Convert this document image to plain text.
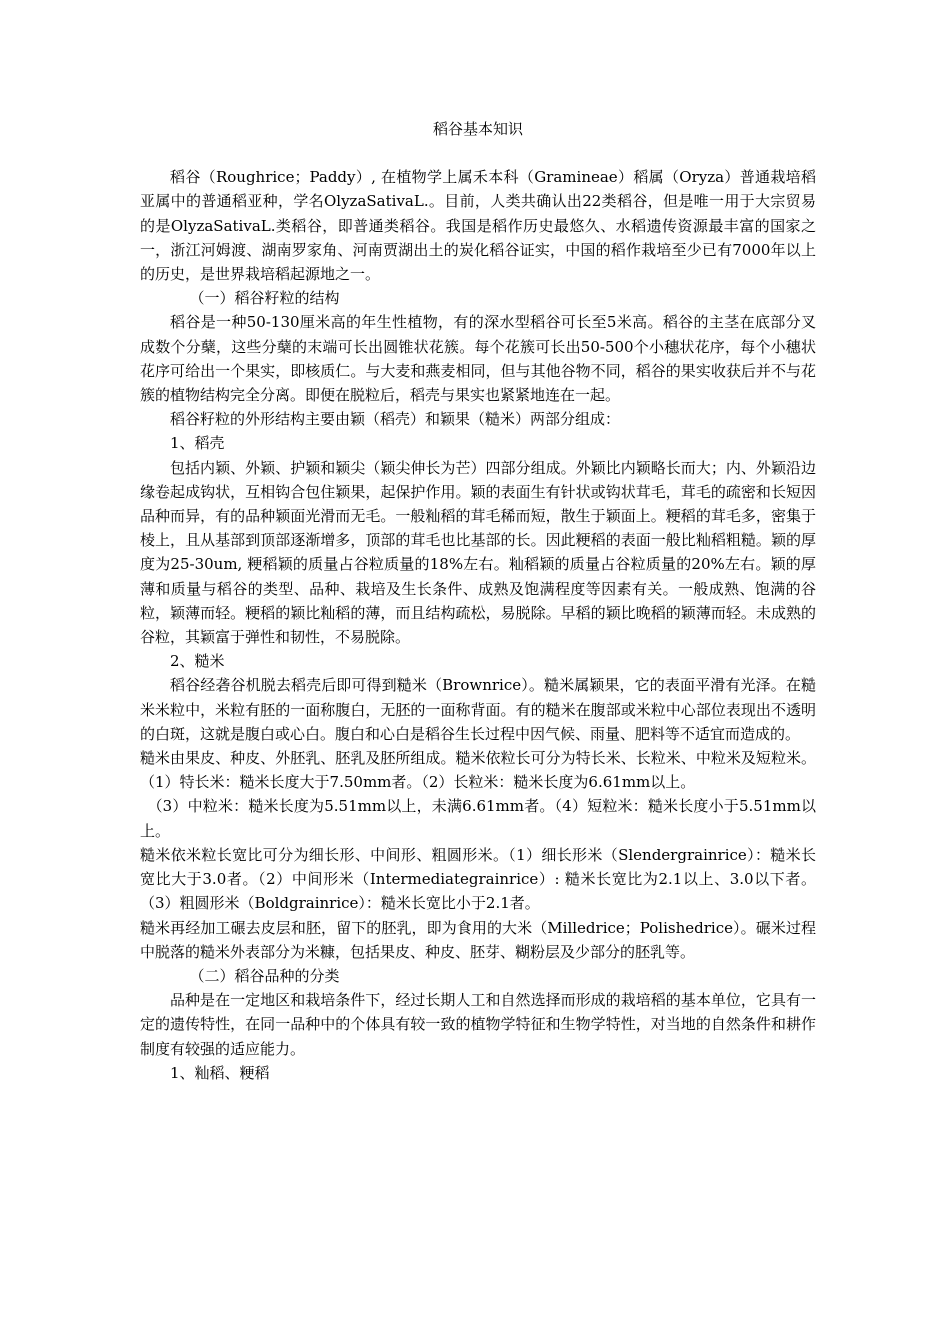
稻谷基本知识

稻谷（Roughrice；Paddy）, 在植物学上属禾本科（Gramineae）稻属（Oryza）普通栽培稻亚属中的普通稻亚种，学名OlyzaSativaL.。目前，人类共确认出22类稻谷，但是唯一用于大宗贸易的是OlyzaSativaL.类稻谷，即普通类稻谷。我国是稻作历史最悠久、水稻遗传资源最丰富的国家之一，浙江河姆渡、湖南罗家角、河南贾湖出土的炭化稻谷证实，中国的稻作栽培至少已有7000年以上的历史，是世界栽培稻起源地之一。

（一）稻谷籽粒的结构

稻谷是一种50-130厘米高的年生性植物，有的深水型稻谷可长至5米高。稻谷的主茎在底部分叉成数个分蘖，这些分蘖的末端可长出圆锥状花簇。每个花簇可长出50-500个小穗状花序，每个小穗状花序可给出一个果实，即核质仁。与大麦和燕麦相同，但与其他谷物不同，稻谷的果实收获后并不与花簇的植物结构完全分离。即便在脱粒后，稻壳与果实也紧紧地连在一起。

稻谷籽粒的外形结构主要由颖（稻壳）和颖果（糙米）两部分组成：

1、稻壳

包括内颖、外颖、护颖和颖尖（颖尖伸长为芒）四部分组成。外颖比内颖略长而大；内、外颖沿边缘卷起成钩状，互相钩合包住颖果，起保护作用。颖的表面生有针状或钩状茸毛，茸毛的疏密和长短因品种而异，有的品种颖面光滑而无毛。一般籼稻的茸毛稀而短，散生于颖面上。粳稻的茸毛多，密集于棱上，且从基部到顶部逐渐增多，顶部的茸毛也比基部的长。因此粳稻的表面一般比籼稻粗糙。颖的厚度为25-30um, 粳稻颖的质量占谷粒质量的18%左右。籼稻颖的质量占谷粒质量的20%左右。颖的厚薄和质量与稻谷的类型、品种、栽培及生长条件、成熟及饱满程度等因素有关。一般成熟、饱满的谷粒，颖薄而轻。粳稻的颖比籼稻的薄，而且结构疏松，易脱除。早稻的颖比晚稻的颖薄而轻。未成熟的谷粒，其颖富于弹性和韧性，不易脱除。

2、糙米

稻谷经砻谷机脱去稻壳后即可得到糙米（Brownrice）。糙米属颖果，它的表面平滑有光泽。在糙米米粒中，米粒有胚的一面称腹白，无胚的一面称背面。有的糙米在腹部或米粒中心部位表现出不透明的白斑，这就是腹白或心白。腹白和心白是稻谷生长过程中因气候、雨量、肥料等不适宜而造成的。

糙米由果皮、种皮、外胚乳、胚乳及胚所组成。糙米依粒长可分为特长米、长粒米、中粒米及短粒米。（1）特长米：糙米长度大于7.50mm者。（2）长粒米：糙米长度为6.61mm以上。

（3）中粒米：糙米长度为5.51mm以上，未满6.61mm者。（4）短粒米：糙米长度小于5.51mm以上。

糙米依米粒长宽比可分为细长形、中间形、粗圆形米。（1）细长形米（Slendergrainrice）：糙米长宽比大于3.0者。（2）中间形米（Intermediategrainrice）: 糙米长宽比为2.1以上、3.0以下者。（3）粗圆形米（Boldgrainrice）：糙米长宽比小于2.1者。

糙米再经加工碾去皮层和胚，留下的胚乳，即为食用的大米（Milledrice；Polishedrice）。碾米过程中脱落的糙米外表部分为米糠，包括果皮、种皮、胚芽、糊粉层及少部分的胚乳等。

（二）稻谷品种的分类

品种是在一定地区和栽培条件下，经过长期人工和自然选择而形成的栽培稻的基本单位，它具有一定的遗传特性，在同一品种中的个体具有较一致的植物学特征和生物学特性，对当地的自然条件和耕作制度有较强的适应能力。

1、籼稻、粳稻
